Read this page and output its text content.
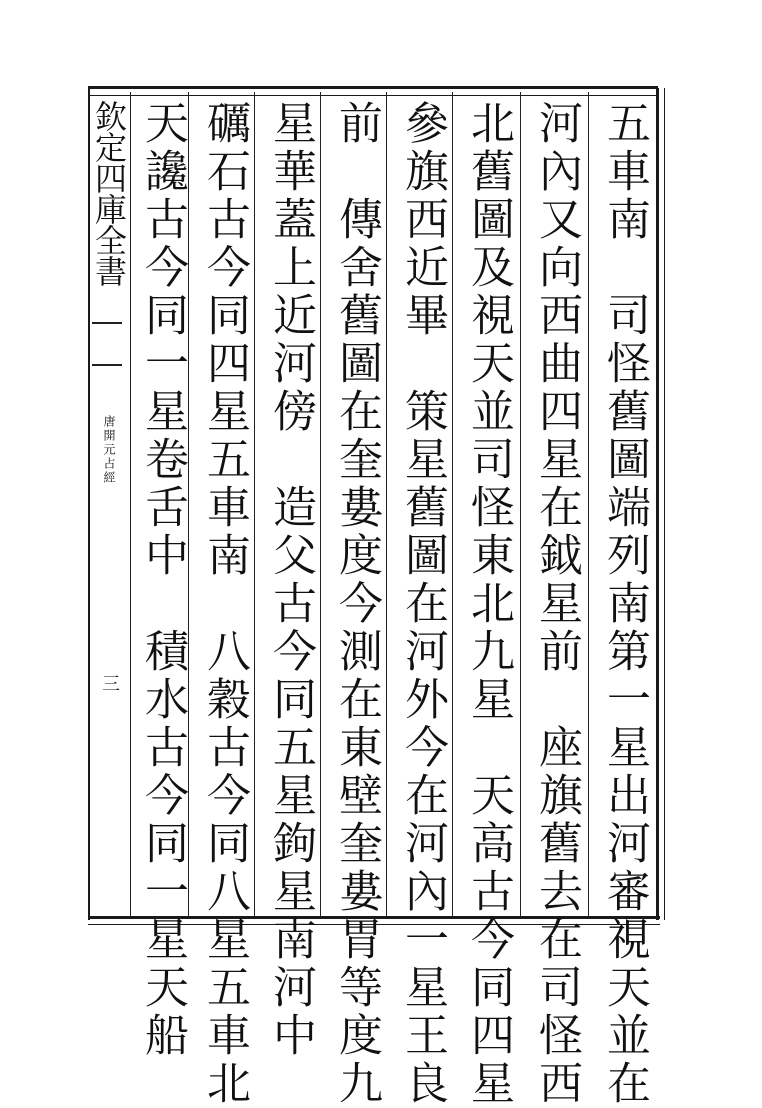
欽定四庫全書 唐開元占經 三	五車南　司怪舊圖端列南第一星出河審視天並在
河內又向西曲四星在鉞星前　座旗舊去在司怪西
北舊圖及視天並司怪東北九星　天高古今同四星
參旗西近畢　策星舊圖在河外今在河內一星王良
前　傳舍舊圖在奎婁度今測在東壁奎婁胃等度九
星華蓋上近河傍　造父古今同五星鉤星南河中
礪石古今同四星五車南　八穀古今同八星五車北
天讒古今同一星卷舌中　積水古今同一星天船
